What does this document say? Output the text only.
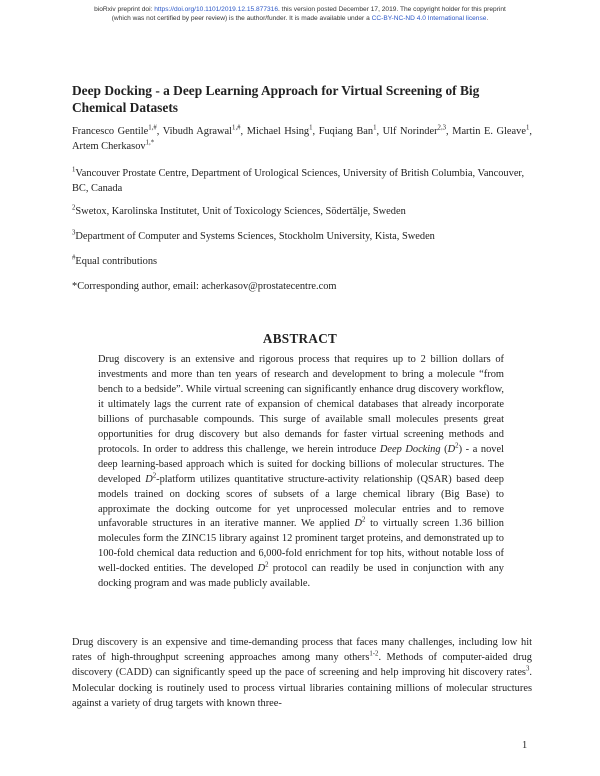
bioRxiv preprint doi: https://doi.org/10.1101/2019.12.15.877316. this version posted December 17, 2019. The copyright holder for this preprint
(which was not certified by peer review) is the author/funder. It is made available under a CC-BY-NC-ND 4.0 International license.
Deep Docking - a Deep Learning Approach for Virtual Screening of Big Chemical Datasets
Francesco Gentile$^{1,\#}$, Vibudh Agrawal$^{1,\#}$, Michael Hsing$^1$, Fuqiang Ban$^1$, Ulf Norinder$^{2,3}$, Martin E. Gleave$^1$, Artem Cherkasov$^{1,*}$
$^1$Vancouver Prostate Centre, Department of Urological Sciences, University of British Columbia, Vancouver, BC, Canada
$^2$Swetox, Karolinska Institutet, Unit of Toxicology Sciences, Södertälje, Sweden
$^3$Department of Computer and Systems Sciences, Stockholm University, Kista, Sweden
#Equal contributions
*Corresponding author, email: acherkasov@prostatecentre.com
ABSTRACT
Drug discovery is an extensive and rigorous process that requires up to 2 billion dollars of investments and more than ten years of research and development to bring a molecule “from bench to a bedside”. While virtual screening can significantly enhance drug discovery workflow, it ultimately lags the current rate of expansion of chemical databases that already incorporate billions of purchasable compounds. This surge of available small molecules presents great opportunities for drug discovery but also demands for faster virtual screening methods and protocols. In order to address this challenge, we herein introduce Deep Docking $(D^2)$ - a novel deep learning-based approach which is suited for docking billions of molecular structures. The developed $D^2$-platform utilizes quantitative structure-activity relationship (QSAR) based deep models trained on docking scores of subsets of a large chemical library (Big Base) to approximate the docking outcome for yet unprocessed molecular entries and to remove unfavorable structures in an iterative manner. We applied $D^2$ to virtually screen 1.36 billion molecules form the ZINC15 library against 12 prominent target proteins, and demonstrated up to 100-fold chemical data reduction and 6,000-fold enrichment for top hits, without notable loss of well-docked entities. The developed $D^2$ protocol can readily be used in conjunction with any docking program and was made publicly available.
Drug discovery is an expensive and time-demanding process that faces many challenges, including low hit rates of high-throughput screening approaches among many others$^{1-2}$. Methods of computer-aided drug discovery (CADD) can significantly speed up the pace of screening and help improving hit discovery rates$^3$. Molecular docking is routinely used to process virtual libraries containing millions of molecular structures against a variety of drug targets with known three-
1
